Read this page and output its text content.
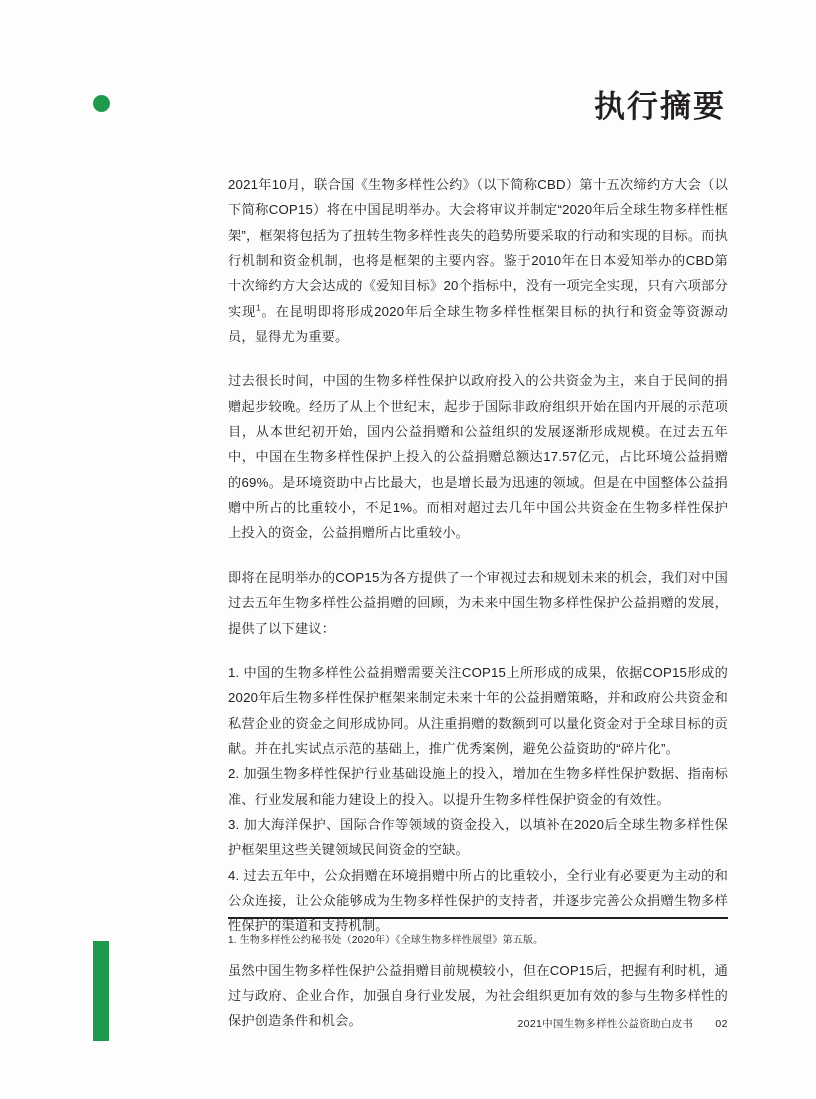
执行摘要

2021年10月，联合国《生物多样性公约》（以下简称CBD）第十五次缔约方大会（以下简称COP15）将在中国昆明举办。大会将审议并制定“2020年后全球生物多样性框架”，框架将包括为了扭转生物多样性丧失的趋势所要采取的行动和实现的目标。而执行机制和资金机制，也将是框架的主要内容。鉴于2010年在日本爱知举办的CBD第十次缔约方大会达成的《爱知目标》20个指标中，没有一项完全实现，只有六项部分实现$^1$。在昆明即将形成2020年后全球生物多样性框架目标的执行和资金等资源动员，显得尤为重要。

过去很长时间，中国的生物多样性保护以政府投入的公共资金为主，来自于民间的捐赠起步较晚。经历了从上个世纪末，起步于国际非政府组织开始在国内开展的示范项目，从本世纪初开始，国内公益捐赠和公益组织的发展逐渐形成规模。在过去五年中，中国在生物多样性保护上投入的公益捐赠总额达17.57亿元，占比环境公益捐赠的69%。是环境资助中占比最大，也是增长最为迅速的领域。但是在中国整体公益捐赠中所占的比重较小，不足1%。而相对超过去几年中国公共资金在生物多样性保护上投入的资金，公益捐赠所占比重较小。

即将在昆明举办的COP15为各方提供了一个审视过去和规划未来的机会，我们对中国过去五年生物多样性公益捐赠的回顾，为未来中国生物多样性保护公益捐赠的发展，提供了以下建议：

1. 中国的生物多样性公益捐赠需要关注COP15上所形成的成果，依据COP15形成的2020年后生物多样性保护框架来制定未来十年的公益捐赠策略，并和政府公共资金和私营企业的资金之间形成协同。从注重捐赠的数额到可以量化资金对于全球目标的贡献。并在扎实试点示范的基础上，推广优秀案例，避免公益资助的“碎片化”。

2. 加强生物多样性保护行业基础设施上的投入，增加在生物多样性保护数据、指南标准、行业发展和能力建设上的投入。以提升生物多样性保护资金的有效性。

3. 加大海洋保护、国际合作等领域的资金投入，以填补在2020后全球生物多样性保护框架里这些关键领域民间资金的空缺。

4. 过去五年中，公众捐赠在环境捐赠中所占的比重较小，全行业有必要更为主动的和公众连接，让公众能够成为生物多样性保护的支持者，并逐步完善公众捐赠生物多样性保护的渠道和支持机制。

虽然中国生物多样性保护公益捐赠目前规模较小，但在COP15后，把握有利时机，通过与政府、企业合作，加强自身行业发展，为社会组织更加有效的参与生物多样性的保护创造条件和机会。

1. 生物多样性公约秘书处（2020年）《全球生物多样性展望》第五版。
2021中国生物多样性公益资助白皮书 02
